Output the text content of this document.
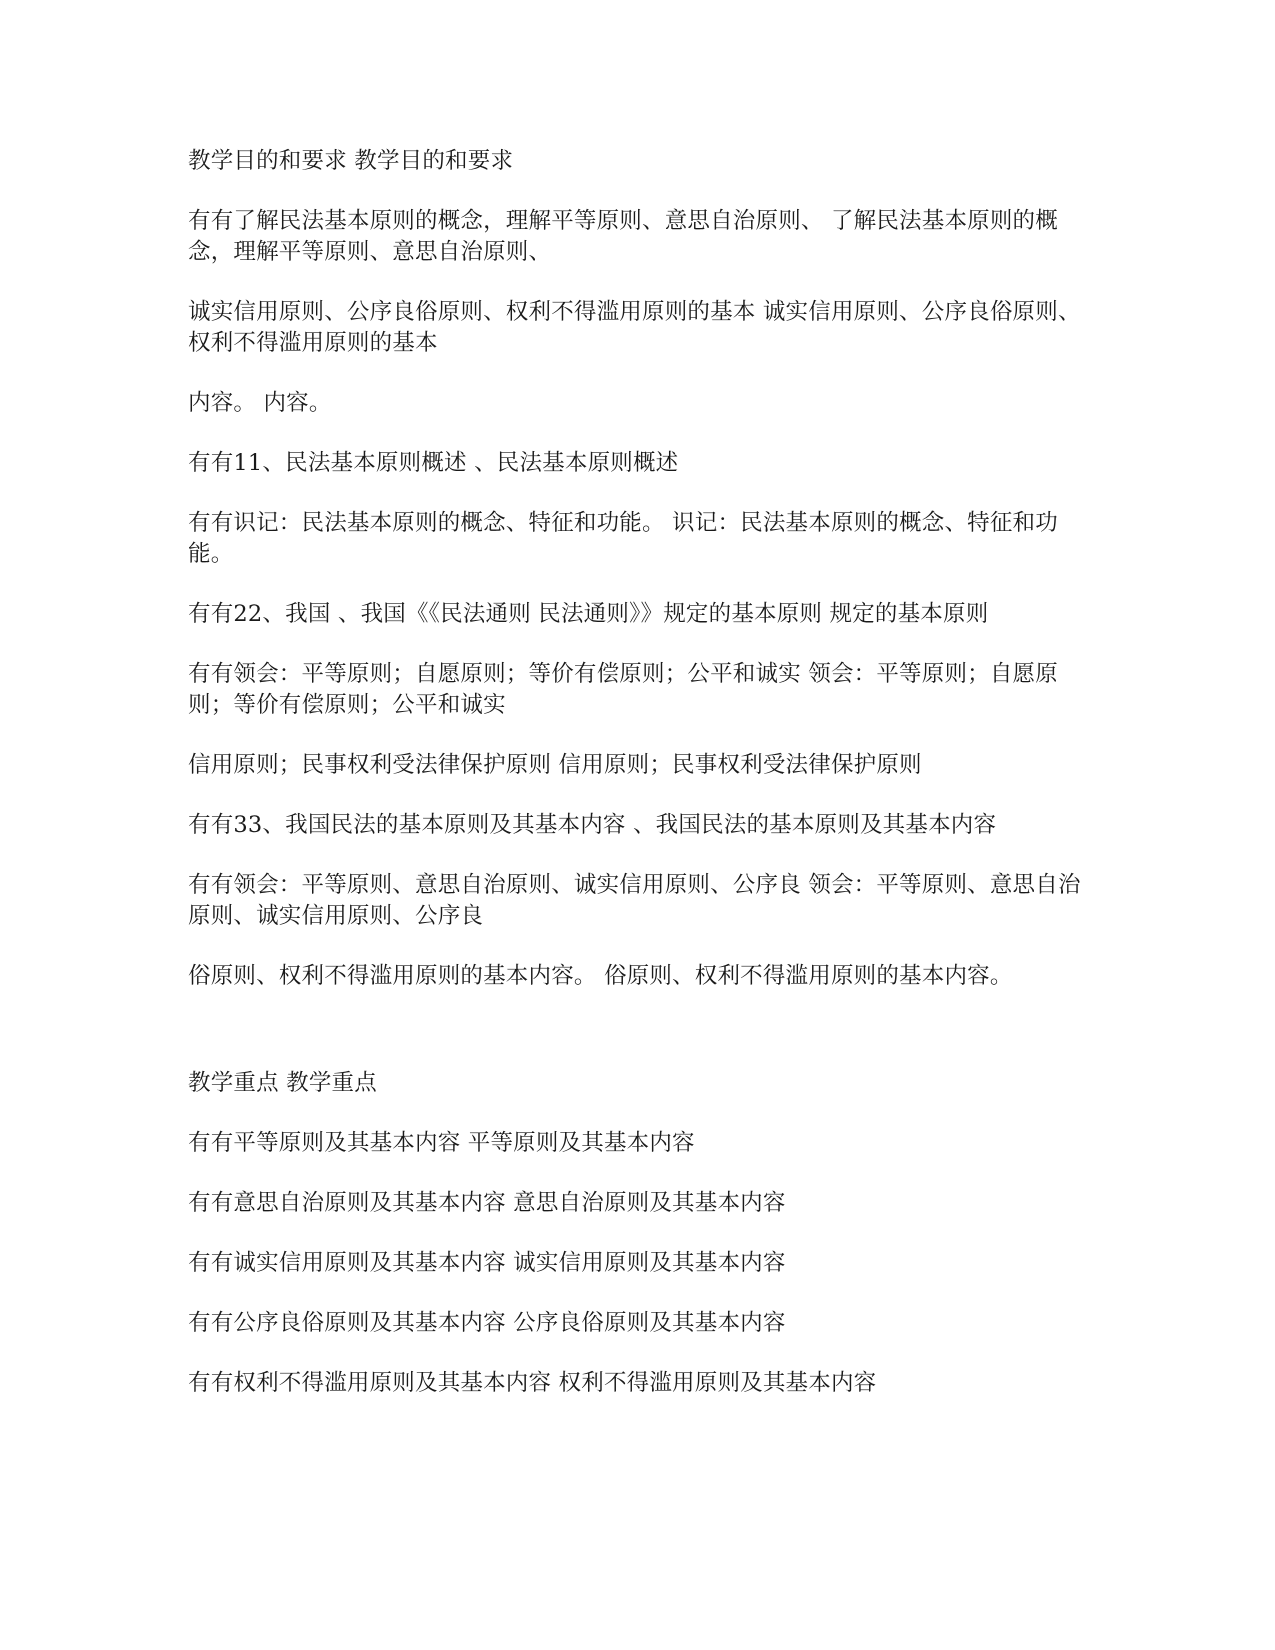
教学目的和要求 教学目的和要求

有有了解民法基本原则的概念，理解平等原则、意思自治原则、 了解民法基本原则的概念，理解平等原则、意思自治原则、

诚实信用原则、公序良俗原则、权利不得滥用原则的基本 诚实信用原则、公序良俗原则、权利不得滥用原则的基本

内容。 内容。

有有11、民法基本原则概述 、民法基本原则概述

有有识记：民法基本原则的概念、特征和功能。 识记：民法基本原则的概念、特征和功能。

有有22、我国 、我国《《民法通则 民法通则》》规定的基本原则 规定的基本原则

有有领会：平等原则；自愿原则；等价有偿原则；公平和诚实 领会：平等原则；自愿原则；等价有偿原则；公平和诚实

信用原则；民事权利受法律保护原则 信用原则；民事权利受法律保护原则

有有33、我国民法的基本原则及其基本内容 、我国民法的基本原则及其基本内容

有有领会：平等原则、意思自治原则、诚实信用原则、公序良 领会：平等原则、意思自治原则、诚实信用原则、公序良

俗原则、权利不得滥用原则的基本内容。 俗原则、权利不得滥用原则的基本内容。

教学重点 教学重点

有有平等原则及其基本内容 平等原则及其基本内容

有有意思自治原则及其基本内容 意思自治原则及其基本内容

有有诚实信用原则及其基本内容 诚实信用原则及其基本内容

有有公序良俗原则及其基本内容 公序良俗原则及其基本内容

有有权利不得滥用原则及其基本内容 权利不得滥用原则及其基本内容
